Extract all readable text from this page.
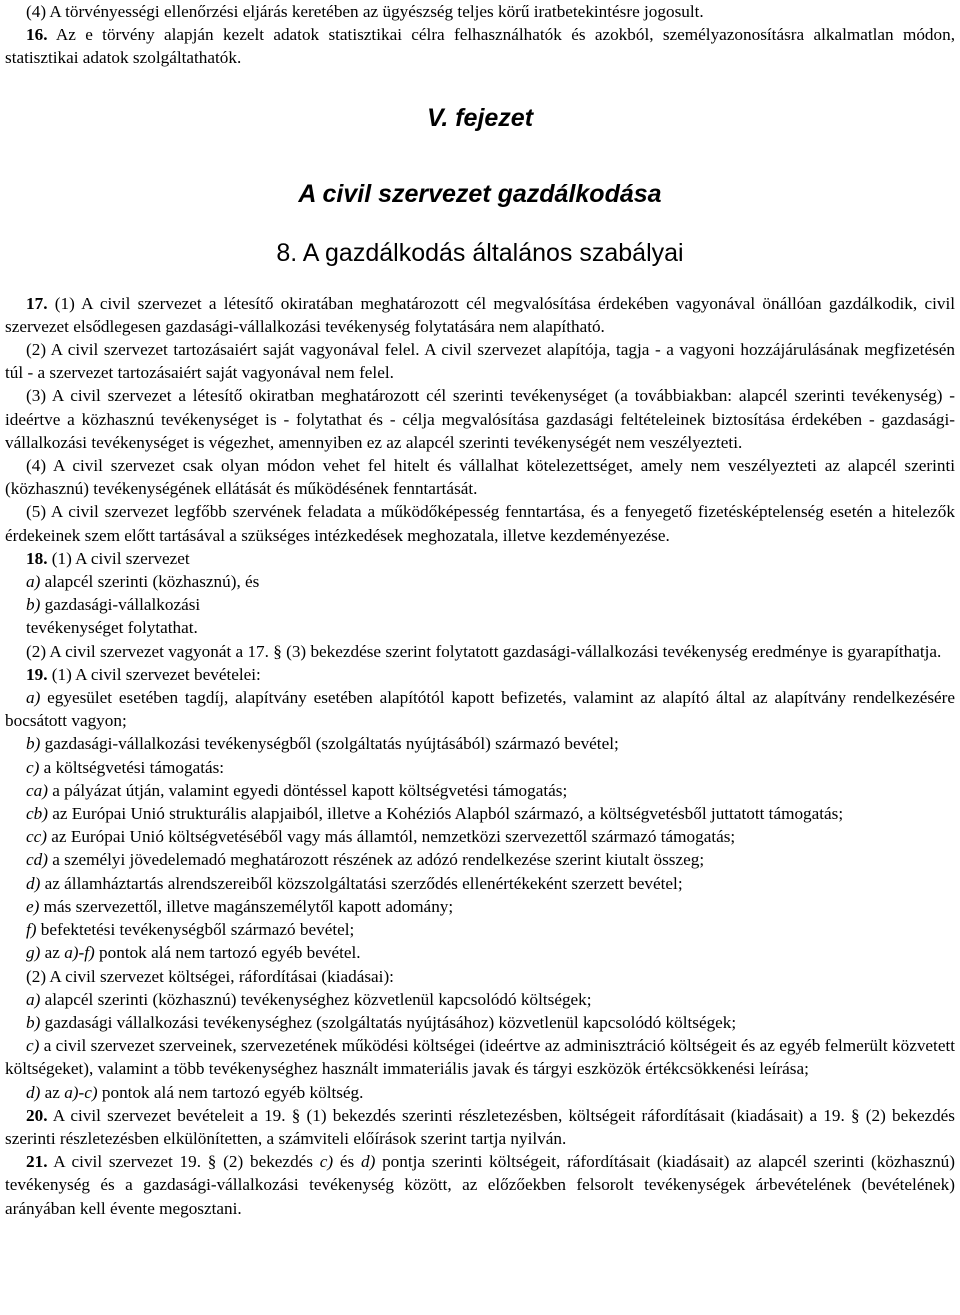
(4) A törvényességi ellenőrzési eljárás keretében az ügyészség teljes körű iratbetekintésre jogosult.

16. Az e törvény alapján kezelt adatok statisztikai célra felhasználhatók és azokból, személyazonosításra alkalmatlan módon, statisztikai adatok szolgáltathatók.

V. fejezet

A civil szervezet gazdálkodása

8. A gazdálkodás általános szabályai

17. (1) A civil szervezet a létesítő okiratában meghatározott cél megvalósítása érdekében vagyonával önállóan gazdálkodik, civil szervezet elsődlegesen gazdasági-vállalkozási tevékenység folytatására nem alapítható.

(2) A civil szervezet tartozásaiért saját vagyonával felel. A civil szervezet alapítója, tagja - a vagyoni hozzájárulásának megfizetésén túl - a szervezet tartozásaiért saját vagyonával nem felel.

(3) A civil szervezet a létesítő okiratban meghatározott cél szerinti tevékenységet (a továbbiakban: alapcél szerinti tevékenység) - ideértve a közhasznú tevékenységet is - folytathat és - célja megvalósítása gazdasági feltételeinek biztosítása érdekében - gazdasági-vállalkozási tevékenységet is végezhet, amennyiben ez az alapcél szerinti tevékenységét nem veszélyezteti.

(4) A civil szervezet csak olyan módon vehet fel hitelt és vállalhat kötelezettséget, amely nem veszélyezteti az alapcél szerinti (közhasznú) tevékenységének ellátását és működésének fenntartását.

(5) A civil szervezet legfőbb szervének feladata a működőképesség fenntartása, és a fenyegető fizetésképtelenség esetén a hitelezők érdekeinek szem előtt tartásával a szükséges intézkedések meghozatala, illetve kezdeményezése.

18. (1) A civil szervezet

a) alapcél szerinti (közhasznú), és

b) gazdasági-vállalkozási

tevékenységet folytathat.

(2) A civil szervezet vagyonát a 17. § (3) bekezdése szerint folytatott gazdasági-vállalkozási tevékenység eredménye is gyarapíthatja.

19. (1) A civil szervezet bevételei:

a) egyesület esetében tagdíj, alapítvány esetében alapítótól kapott befizetés, valamint az alapító által az alapítvány rendelkezésére bocsátott vagyon;

b) gazdasági-vállalkozási tevékenységből (szolgáltatás nyújtásából) származó bevétel;

c) a költségvetési támogatás:

ca) a pályázat útján, valamint egyedi döntéssel kapott költségvetési támogatás;

cb) az Európai Unió strukturális alapjaiból, illetve a Kohéziós Alapból származó, a költségvetésből juttatott támogatás;

cc) az Európai Unió költségvetéséből vagy más államtól, nemzetközi szervezettől származó támogatás;

cd) a személyi jövedelemadó meghatározott részének az adózó rendelkezése szerint kiutalt összeg;

d) az államháztartás alrendszereiből közszolgáltatási szerződés ellenértékeként szerzett bevétel;

e) más szervezettől, illetve magánszemélytől kapott adomány;

f) befektetési tevékenységből származó bevétel;

g) az a)-f) pontok alá nem tartozó egyéb bevétel.

(2) A civil szervezet költségei, ráfordításai (kiadásai):

a) alapcél szerinti (közhasznú) tevékenységhez közvetlenül kapcsolódó költségek;

b) gazdasági vállalkozási tevékenységhez (szolgáltatás nyújtásához) közvetlenül kapcsolódó költségek;

c) a civil szervezet szerveinek, szervezetének működési költségei (ideértve az adminisztráció költségeit és az egyéb felmerült közvetett költségeket), valamint a több tevékenységhez használt immateriális javak és tárgyi eszközök értékcsökkenési leírása;

d) az a)-c) pontok alá nem tartozó egyéb költség.

20. A civil szervezet bevételeit a 19. § (1) bekezdés szerinti részletezésben, költségeit ráfordításait (kiadásait) a 19. § (2) bekezdés szerinti részletezésben elkülönítetten, a számviteli előírások szerint tartja nyilván.

21. A civil szervezet 19. § (2) bekezdés c) és d) pontja szerinti költségeit, ráfordításait (kiadásait) az alapcél szerinti (közhasznú) tevékenység és a gazdasági-vállalkozási tevékenység között, az előzőekben felsorolt tevékenységek árbevételének (bevételének) arányában kell évente megosztani.
